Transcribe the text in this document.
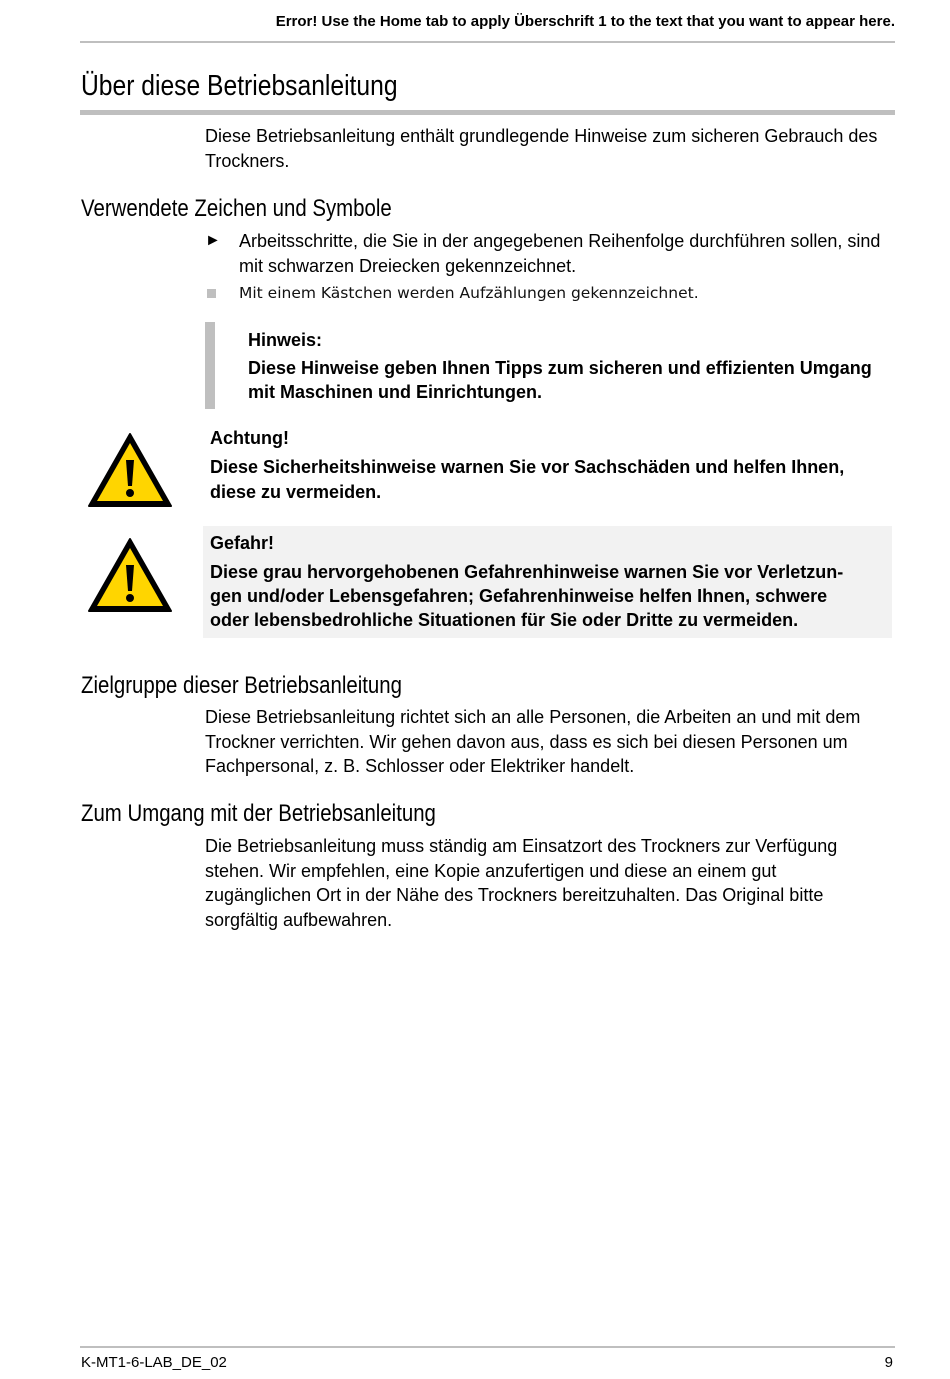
Error! Use the Home tab to apply Überschrift 1 to the text that you want to appear here.
Über diese Betriebsanleitung
Diese Betriebsanleitung enthält grundlegende Hinweise zum sicheren Gebrauch des Trockners.
Verwendete Zeichen und Symbole
► Arbeitsschritte, die Sie in der angegebenen Reihenfolge durchführen sollen, sind mit schwarzen Dreiecken gekennzeichnet.
Mit einem Kästchen werden Aufzählungen gekennzeichnet.
Hinweis:
Diese Hinweise geben Ihnen Tipps zum sicheren und effizienten Umgang mit Maschinen und Einrichtungen.
Achtung!
Diese Sicherheitshinweise warnen Sie vor Sachschäden und helfen Ihnen, diese zu vermeiden.
Gefahr!
Diese grau hervorgehobenen Gefahrenhinweise warnen Sie vor Verletzun-
gen und/oder Lebensgefahren; Gefahrenhinweise helfen Ihnen, schwere
oder lebensbedrohliche Situationen für Sie oder Dritte zu vermeiden.
Zielgruppe dieser Betriebsanleitung
Diese Betriebsanleitung richtet sich an alle Personen, die Arbeiten an und mit dem Trockner verrichten. Wir gehen davon aus, dass es sich bei diesen Personen um Fachpersonal, z. B. Schlosser oder Elektriker handelt.
Zum Umgang mit der Betriebsanleitung
Die Betriebsanleitung muss ständig am Einsatzort des Trockners zur Verfügung stehen. Wir empfehlen, eine Kopie anzufertigen und diese an einem gut zugänglichen Ort in der Nähe des Trockners bereitzuhalten. Das Original bitte sorgfältig aufbewahren.
K-MT1-6-LAB_DE_02	9
